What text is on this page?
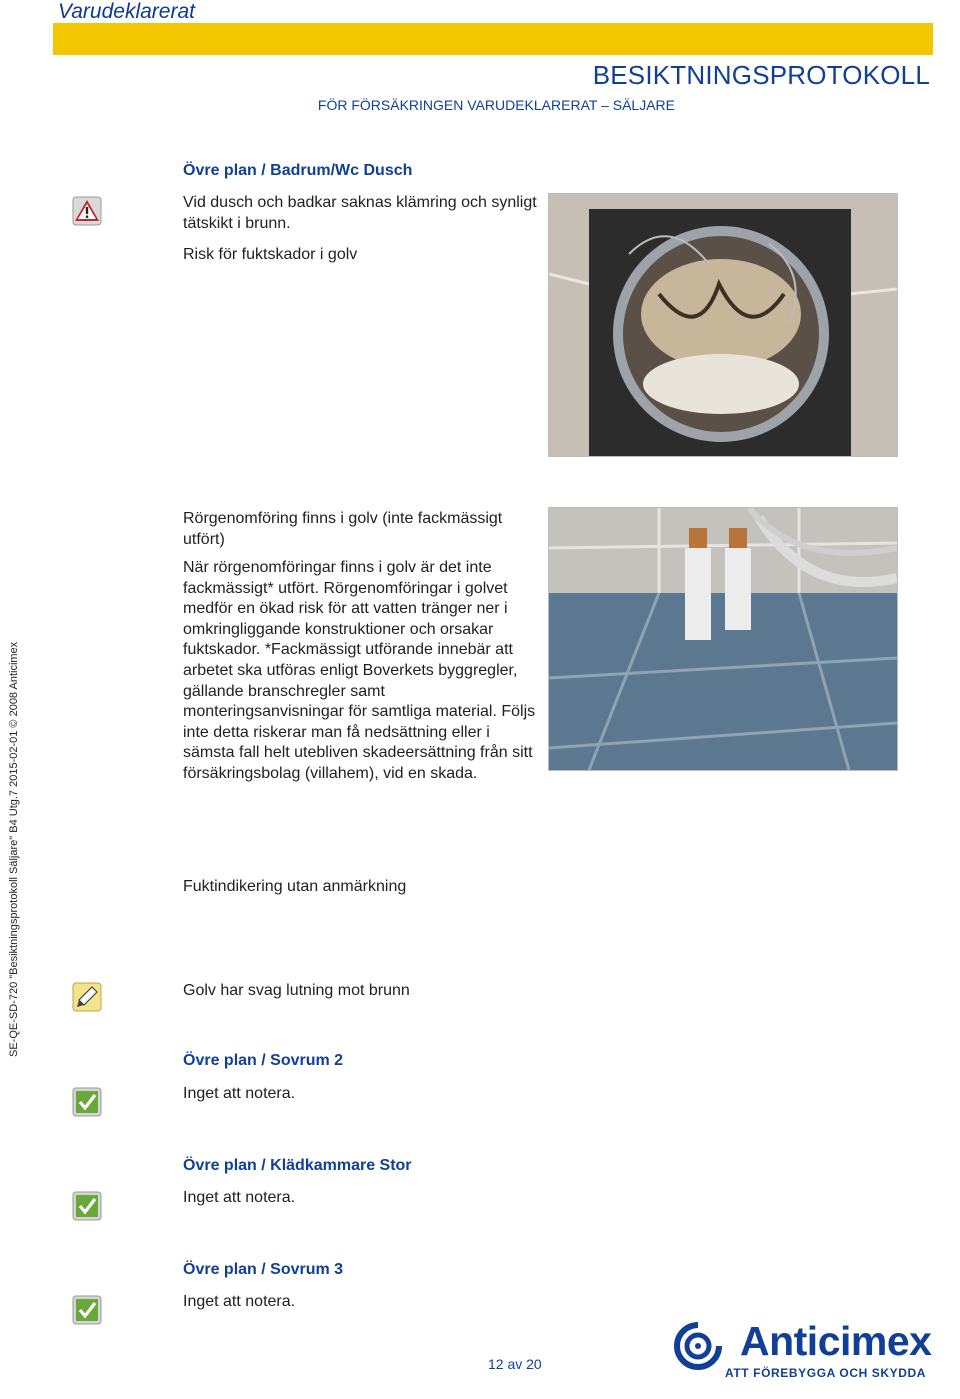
Varudeklarerat
BESIKTNINGSPROTOKOLL
FÖR FÖRSÄKRINGEN VARUDEKLARERAT – SÄLJARE
SE-QE-SD-720 "Besiktningsprotokoll Säljare" B4 Utg.7 2015-02-01 © 2008 Anticimex
Övre plan / Badrum/Wc Dusch
Vid dusch och badkar saknas klämring och synligt tätskikt i brunn.
Risk för fuktskador i golv
Rörgenomföring finns i golv (inte fackmässigt utfört)
När rörgenomföringar finns i golv är det inte fackmässigt* utfört. Rörgenomföringar i golvet medför en ökad risk för att vatten tränger ner i omkringliggande konstruktioner och orsakar fuktskador. *Fackmässigt utförande innebär att arbetet ska utföras enligt Boverkets byggregler, gällande branschregler samt monteringsanvisningar för samtliga material. Följs inte detta riskerar man få nedsättning eller i sämsta fall helt utebliven skadeersättning från sitt försäkringsbolag (villahem), vid en skada.
Fuktindikering utan anmärkning
Golv har svag lutning mot brunn
Övre plan / Sovrum 2
Inget att notera.
Övre plan / Klädkammare Stor
Inget att notera.
Övre plan / Sovrum 3
Inget att notera.
12 av 20	Anticimex
ATT FÖREBYGGA OCH SKYDDA
